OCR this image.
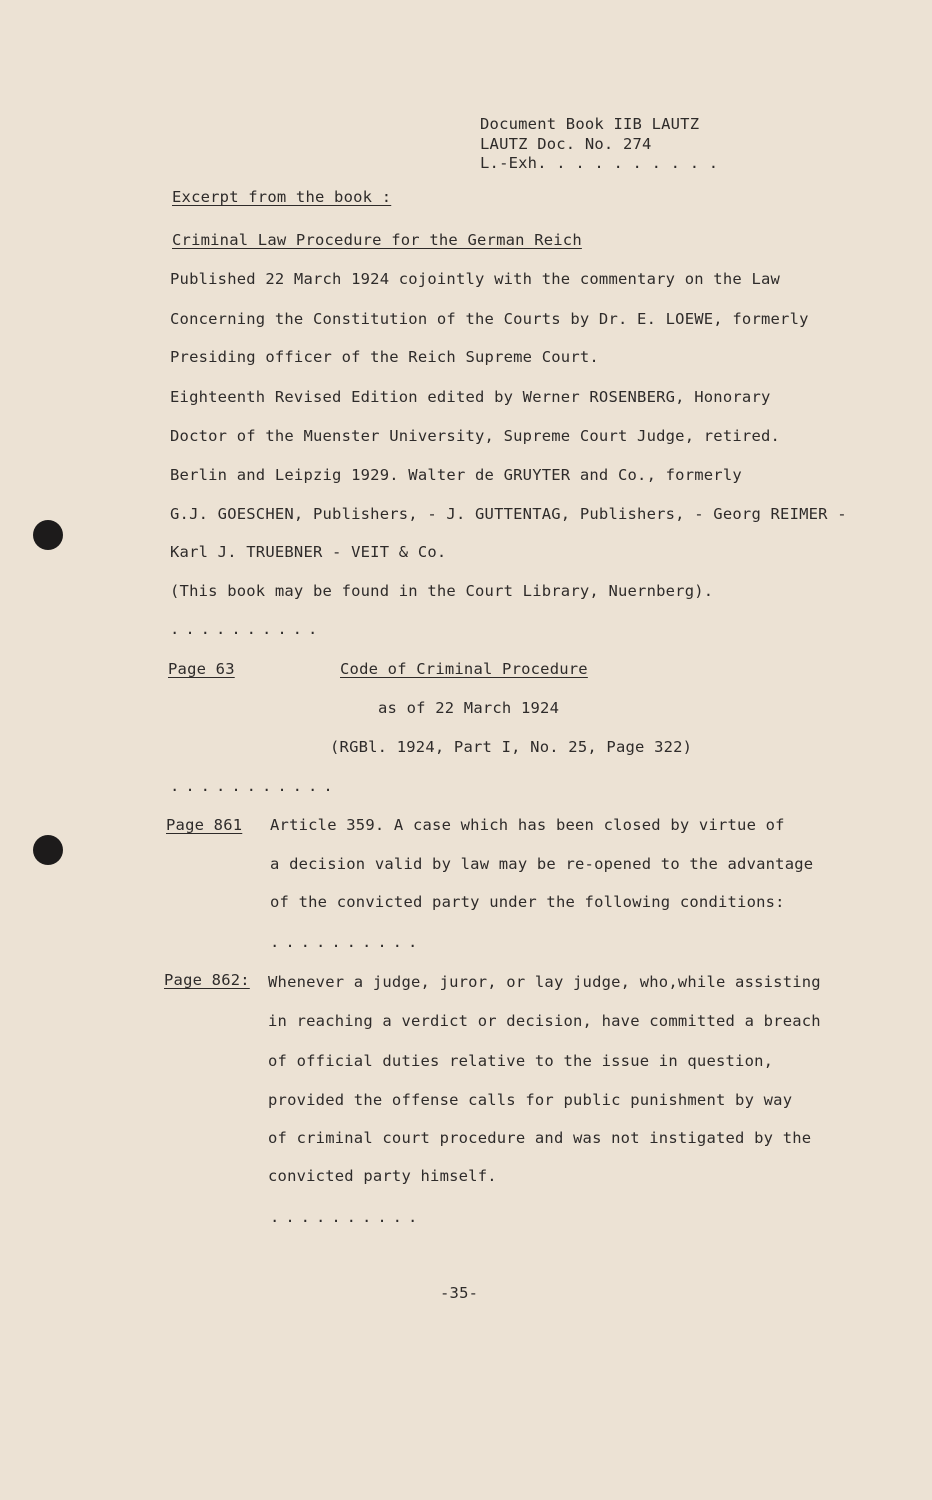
Document Book IIB LAUTZ
LAUTZ Doc. No. 274
L.-Exh. . . . . . . . . .
Excerpt from the book :
Criminal Law Procedure for the German Reich
Published 22 March 1924 cojointly with the commentary on the Law
Concerning the Constitution of the Courts by Dr. E. LOEWE, formerly
Presiding officer of the Reich Supreme Court.
Eighteenth Revised Edition edited by Werner ROSENBERG, Honorary
Doctor of the Muenster University, Supreme Court Judge, retired.
Berlin and Leipzig 1929. Walter de GRUYTER and Co., formerly
G.J. GOESCHEN, Publishers, - J. GUTTENTAG, Publishers, - Georg REIMER -
Karl J. TRUEBNER - VEIT & Co.
(This book may be found in the Court Library, Nuernberg).
..........
Page 63	Code of Criminal Procedure
as of 22 March 1924
(RGBl. 1924, Part I, No. 25, Page 322)
...........
Page 861 Article 359. A case which has been closed by virtue of
a decision valid by law may be re-opened to the advantage
of the convicted party under the following conditions:
..........
Page 862: Whenever a judge, juror, or lay judge, who,while assisting
in reaching a verdict or decision, have committed a breach
of official duties relative to the issue in question,
provided the offense calls for public punishment by way
of criminal court procedure and was not instigated by the
convicted party himself.
..........
-35-
